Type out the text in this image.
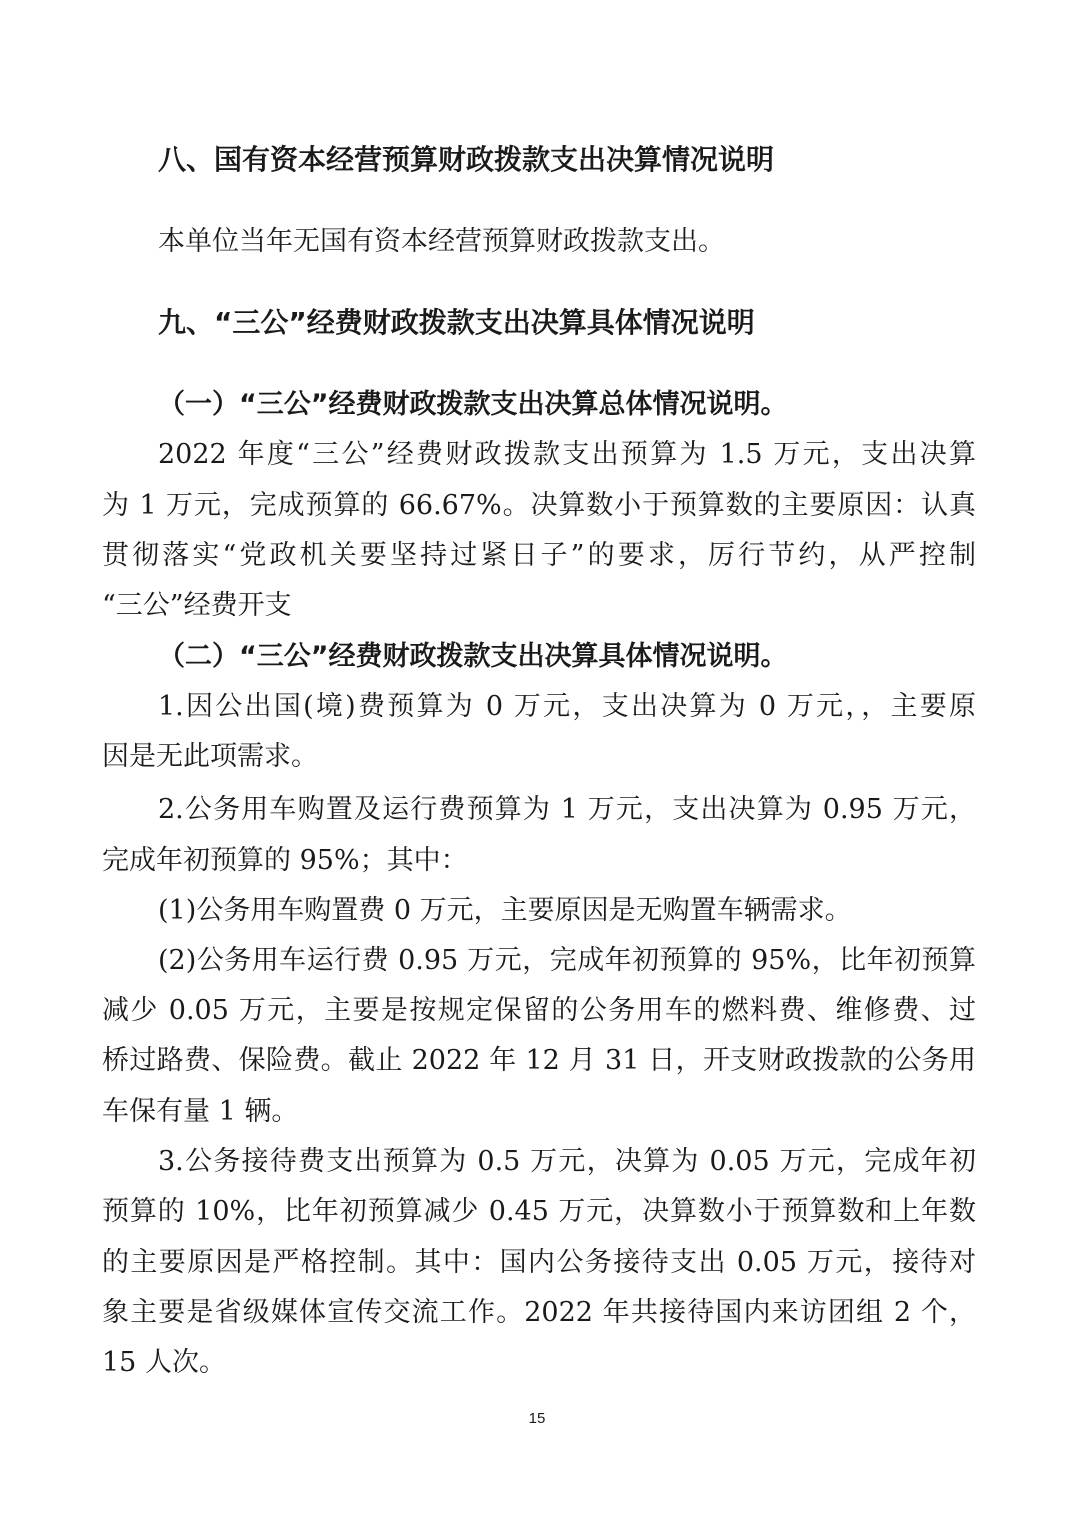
八、国有资本经营预算财政拨款支出决算情况说明
本单位当年无国有资本经营预算财政拨款支出。
九、“三公”经费财政拨款支出决算具体情况说明
（一）“三公”经费财政拨款支出决算总体情况说明。
2022 年度“三公”经费财政拨款支出预算为 1.5 万元，支出决算
为 1 万元，完成预算的 66.67%。决算数小于预算数的主要原因：认真
贯彻落实“党政机关要坚持过紧日子”的要求，厉行节约，从严控制
“三公”经费开支
（二）“三公”经费财政拨款支出决算具体情况说明。
1.因公出国(境)费预算为 0 万元，支出决算为 0 万元，，主要原
因是无此项需求。
2.公务用车购置及运行费预算为 1 万元，支出决算为 0.95 万元，
完成年初预算的 95%；其中：
(1)公务用车购置费 0 万元，主要原因是无购置车辆需求。
(2)公务用车运行费 0.95 万元，完成年初预算的 95%，比年初预算
减少 0.05 万元，主要是按规定保留的公务用车的燃料费、维修费、过
桥过路费、保险费。截止 2022 年 12 月 31 日，开支财政拨款的公务用
车保有量 1 辆。
3.公务接待费支出预算为 0.5 万元，决算为 0.05 万元，完成年初
预算的 10%，比年初预算减少 0.45 万元，决算数小于预算数和上年数
的主要原因是严格控制。其中：国内公务接待支出 0.05 万元，接待对
象主要是省级媒体宣传交流工作。2022 年共接待国内来访团组 2 个，
15 人次。
15
